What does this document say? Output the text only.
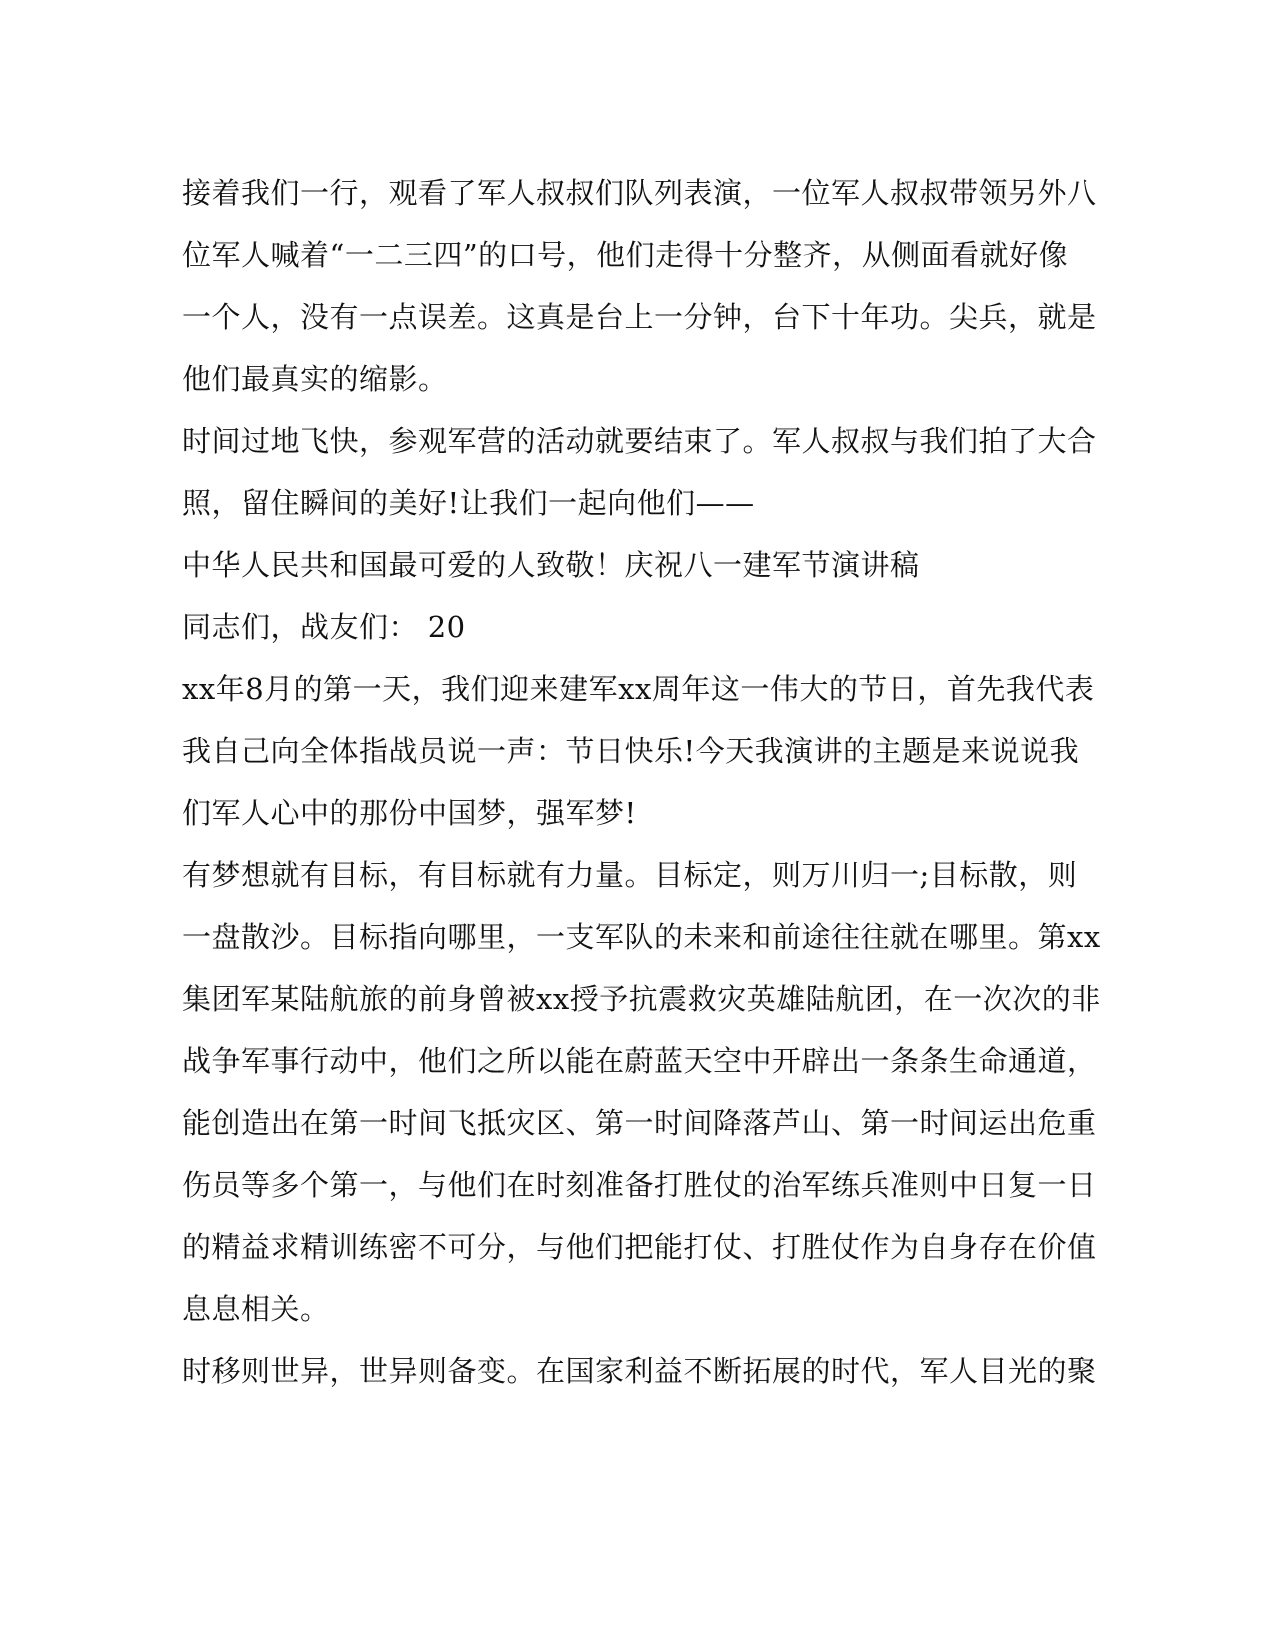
接着我们一行，观看了军人叔叔们队列表演，一位军人叔叔带领另外八
位军人喊着“一二三四”的口号，他们走得十分整齐，从侧面看就好像
一个人，没有一点误差。这真是台上一分钟，台下十年功。尖兵，就是
他们最真实的缩影。
时间过地飞快，参观军营的活动就要结束了。军人叔叔与我们拍了大合
照，留住瞬间的美好!让我们一起向他们——
中华人民共和国最可爱的人致敬！庆祝八一建军节演讲稿
同志们，战友们： 20
xx年8月的第一天，我们迎来建军xx周年这一伟大的节日，首先我代表
我自己向全体指战员说一声：节日快乐!今天我演讲的主题是来说说我
们军人心中的那份中国梦，强军梦!
有梦想就有目标，有目标就有力量。目标定，则万川归一;目标散，则
一盘散沙。目标指向哪里，一支军队的未来和前途往往就在哪里。第xx
集团军某陆航旅的前身曾被xx授予抗震救灾英雄陆航团，在一次次的非
战争军事行动中，他们之所以能在蔚蓝天空中开辟出一条条生命通道，
能创造出在第一时间飞抵灾区、第一时间降落芦山、第一时间运出危重
伤员等多个第一，与他们在时刻准备打胜仗的治军练兵准则中日复一日
的精益求精训练密不可分，与他们把能打仗、打胜仗作为自身存在价值
息息相关。
时移则世异，世异则备变。在国家利益不断拓展的时代，军人目光的聚
